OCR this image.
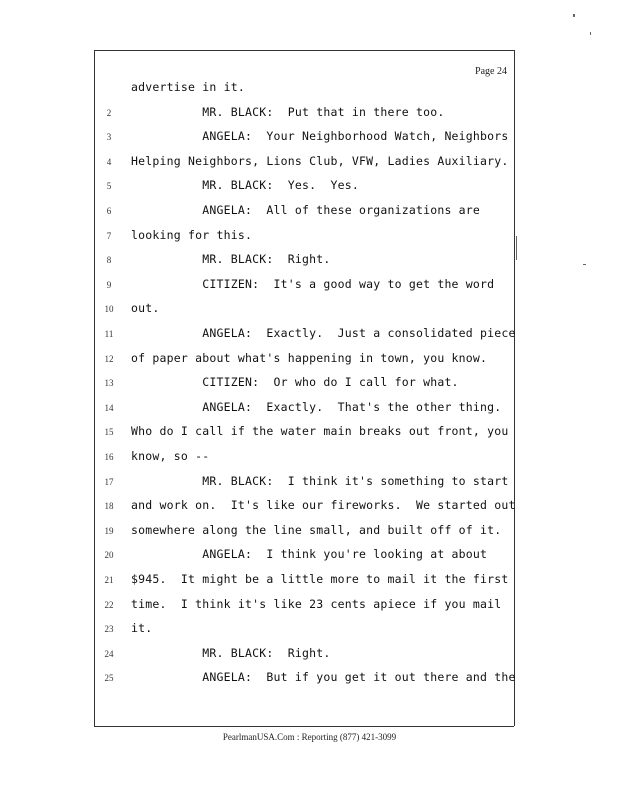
Page 24
advertise in it.
2	MR. BLACK:  Put that in there too.
3	ANGELA:  Your Neighborhood Watch, Neighbors
4	Helping Neighbors, Lions Club, VFW, Ladies Auxiliary.
5	MR. BLACK:  Yes.  Yes.
6	ANGELA:  All of these organizations are
7	looking for this.
8	MR. BLACK:  Right.
9	CITIZEN:  It's a good way to get the word
10	out.
11	ANGELA:  Exactly.  Just a consolidated piece
12	of paper about what's happening in town, you know.
13	CITIZEN:  Or who do I call for what.
14	ANGELA:  Exactly.  That's the other thing.
15	Who do I call if the water main breaks out front, you
16	know, so --
17	MR. BLACK:  I think it's something to start
18	and work on.  It's like our fireworks.  We started out
19	somewhere along the line small, and built off of it.
20	ANGELA:  I think you're looking at about
21	$945.  It might be a little more to mail it the first
22	time.  I think it's like 23 cents apiece if you mail
23	it.
24	MR. BLACK:  Right.
25	ANGELA:  But if you get it out there and the
PearlmanUSA.Com : Reporting (877) 421-3099
